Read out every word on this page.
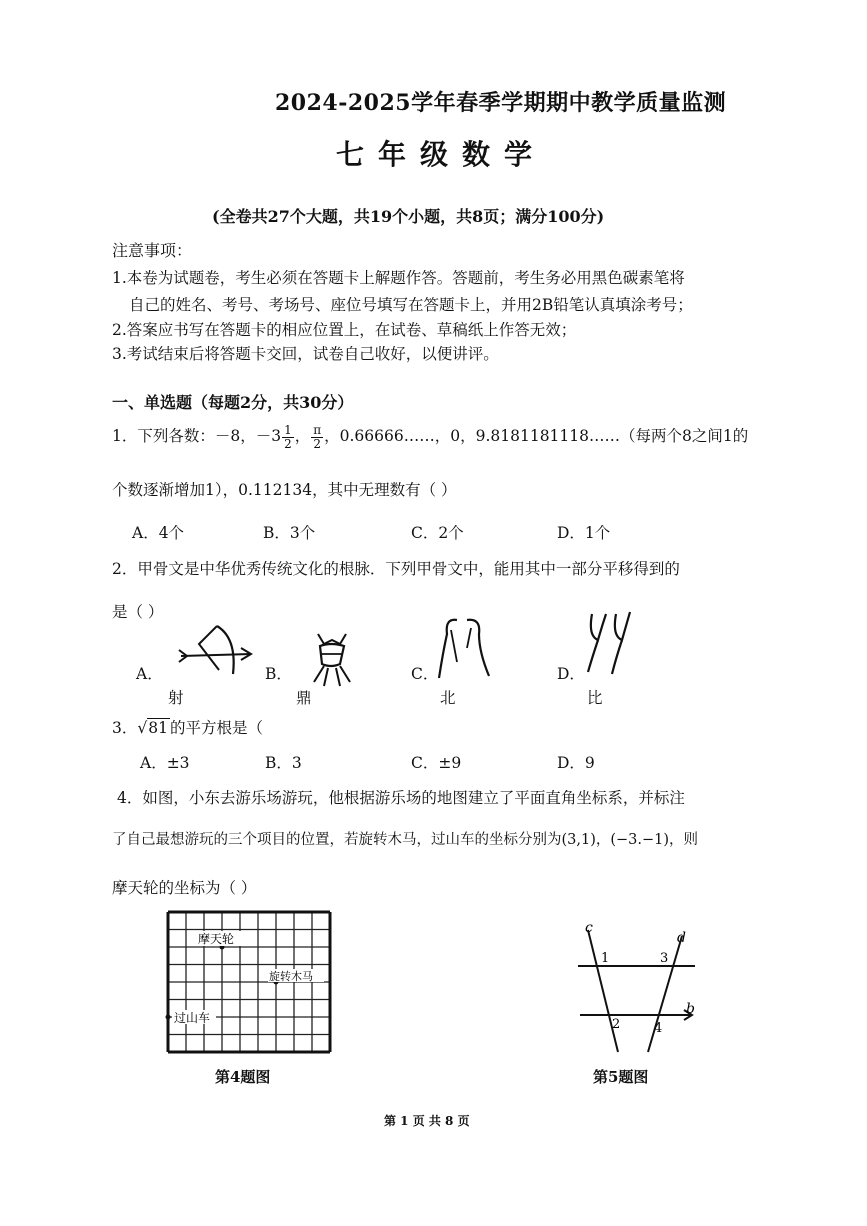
2024-2025学年春季学期期中教学质量监测
七年级数学
(全卷共27个大题，共19个小题，共8页；满分100分)
注意事项：
1.本卷为试题卷，考生必须在答题卡上解题作答。答题前，考生务必用黑色碳素笔将
自己的姓名、考号、考场号、座位号填写在答题卡上，并用2B铅笔认真填涂考号；
2.答案应书写在答题卡的相应位置上，在试卷、草稿纸上作答无效；
3.考试结束后将答题卡交回，试卷自己收好，以便讲评。
一、单选题（每题2分，共30分）
1．下列各数：－8，$-3 \frac{1}{2}$ ， $\frac{\pi}{2}$ ，0.66666……，0，9.8181181118……（每两个8之间1的
个数逐渐增加1），0.112134，其中无理数有（ ）
A．4个	B．3个	C．2个	D．1个
2．甲骨文是中华优秀传统文化的根脉．下列甲骨文中，能用其中一部分平移得到的
是（ ）
A．	B．	C．	D．
射	鼎	北	比
3．√81 的平方根是（
A．±3	B．3	C．±9	D．9
4．如图，小东去游乐场游玩，他根据游乐场的地图建立了平面直角坐标系，并标注
了自己最想游玩的三个项目的位置，若旋转木马，过山车的坐标分别为(3,1)，(−3.−1)，则
摩天轮的坐标为（ ）
摩天轮
旋转木马
过山车
第4题图
c
d
b
1
2
3
4
第5题图
第 1 页 共 8 页
